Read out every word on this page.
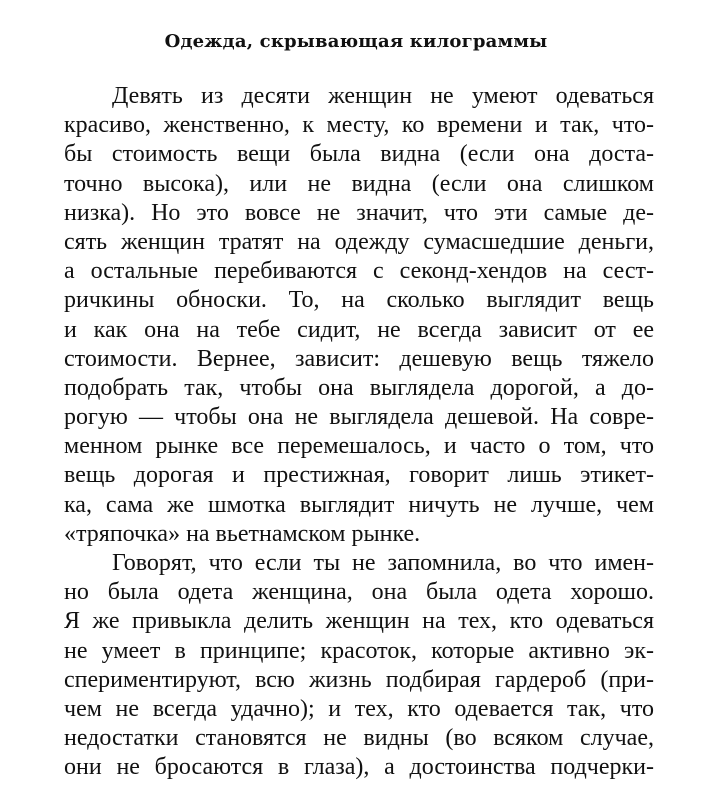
Одежда, скрывающая килограммы
Девять из десяти женщин не умеют одеваться
красиво, женственно, к месту, ко времени и так, что-
бы стоимость вещи была видна (если она доста-
точно высока), или не видна (если она слишком
низка). Но это вовсе не значит, что эти самые де-
сять женщин тратят на одежду сумасшедшие деньги,
а остальные перебиваются с секонд-хендов на сест-
ричкины обноски. То, на сколько выглядит вещь
и как она на тебе сидит, не всегда зависит от ее
стоимости. Вернее, зависит: дешевую вещь тяжело
подобрать так, чтобы она выглядела дорогой, а до-
рогую — чтобы она не выглядела дешевой. На совре-
менном рынке все перемешалось, и часто о том, что
вещь дорогая и престижная, говорит лишь этикет-
ка, сама же шмотка выглядит ничуть не лучше, чем
«тряпочка» на вьетнамском рынке.
Говорят, что если ты не запомнила, во что имен-
но была одета женщина, она была одета хорошо.
Я же привыкла делить женщин на тех, кто одеваться
не умеет в принципе; красоток, которые активно эк-
спериментируют, всю жизнь подбирая гардероб (при-
чем не всегда удачно); и тех, кто одевается так, что
недостатки становятся не видны (во всяком случае,
они не бросаются в глаза), а достоинства подчерки-
